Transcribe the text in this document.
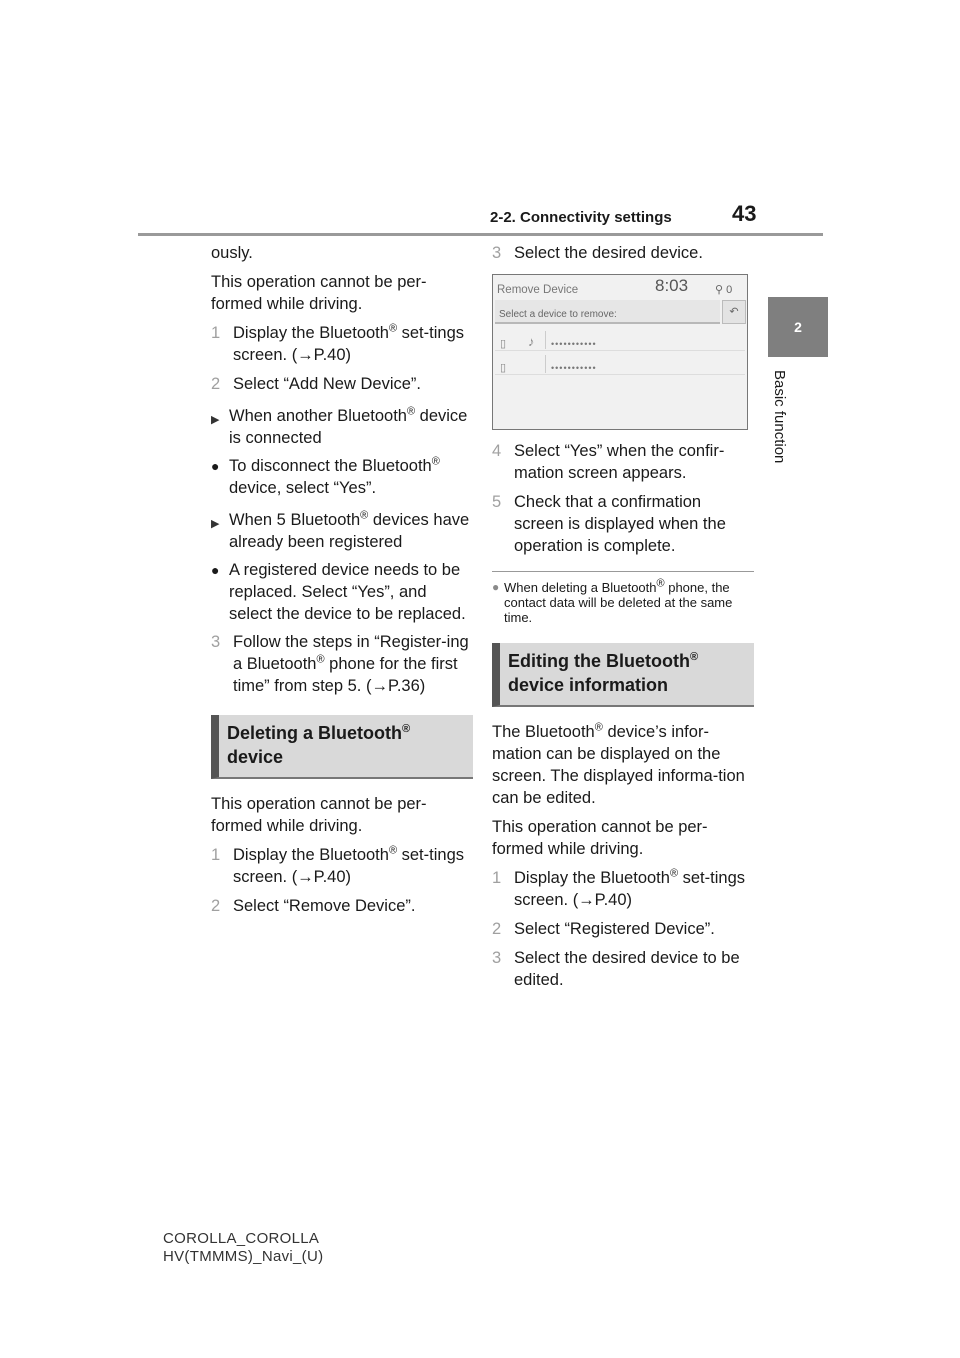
2-2. Connectivity settings	43
2
Basic function

ously.

This operation cannot be per-formed while driving.

1 Display the Bluetooth® set-tings screen. (→P.40)
2 Select “Add New Device”.
▶ When another Bluetooth® device is connected
● To disconnect the Bluetooth® device, select “Yes”.
▶ When 5 Bluetooth® devices have already been registered
● A registered device needs to be replaced. Select “Yes”, and select the device to be replaced.
3 Follow the steps in “Register-ing a Bluetooth® phone for the first time” from step 5. (→P.36)
Deleting a Bluetooth® device

This operation cannot be per-formed while driving.

1 Display the Bluetooth® set-tings screen. (→P.40)
2 Select “Remove Device”.
3 Select the desired device.
Remove Device	8:03 ⚲ 0
Select a device to remove:	↶
▯ ♪ •••••••••••
▯	•••••••••••
4 Select “Yes” when the confir-mation screen appears.
5 Check that a confirmation screen is displayed when the operation is complete.
● When deleting a Bluetooth® phone, the contact data will be deleted at the same time.
Editing the Bluetooth® device information

The Bluetooth® device’s infor-mation can be displayed on the screen. The displayed informa-tion can be edited.

This operation cannot be per-formed while driving.

1 Display the Bluetooth® set-tings screen. (→P.40)
2 Select “Registered Device”.
3 Select the desired device to be edited.
COROLLA_COROLLA
HV(TMMMS)_Navi_(U)
